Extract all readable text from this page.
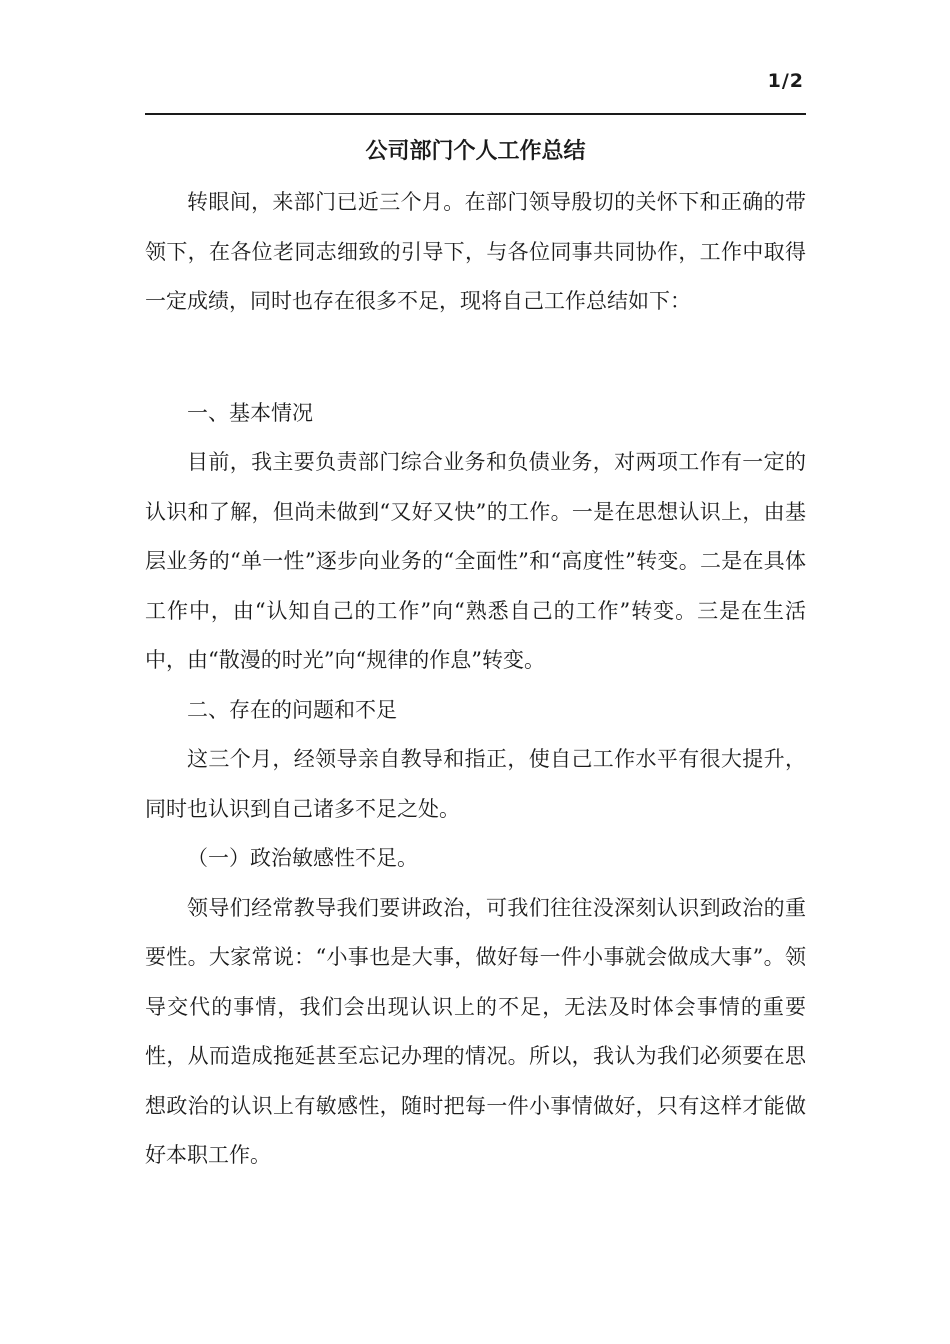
1/2
公司部门个人工作总结

转眼间，来部门已近三个月。在部门领导殷切的关怀下和正确的带领下，在各位老同志细致的引导下，与各位同事共同协作，工作中取得一定成绩，同时也存在很多不足，现将自己工作总结如下：

一、基本情况

目前，我主要负责部门综合业务和负债业务，对两项工作有一定的认识和了解，但尚未做到“又好又快”的工作。一是在思想认识上，由基层业务的“单一性”逐步向业务的“全面性”和“高度性”转变。二是在具体工作中，由“认知自己的工作”向“熟悉自己的工作”转变。三是在生活中，由“散漫的时光”向“规律的作息”转变。

二、存在的问题和不足

这三个月，经领导亲自教导和指正，使自己工作水平有很大提升，同时也认识到自己诸多不足之处。

（一）政治敏感性不足。

领导们经常教导我们要讲政治，可我们往往没深刻认识到政治的重要性。大家常说：“小事也是大事，做好每一件小事就会做成大事”。领导交代的事情，我们会出现认识上的不足，无法及时体会事情的重要性，从而造成拖延甚至忘记办理的情况。所以，我认为我们必须要在思想政治的认识上有敏感性，随时把每一件小事情做好，只有这样才能做好本职工作。
